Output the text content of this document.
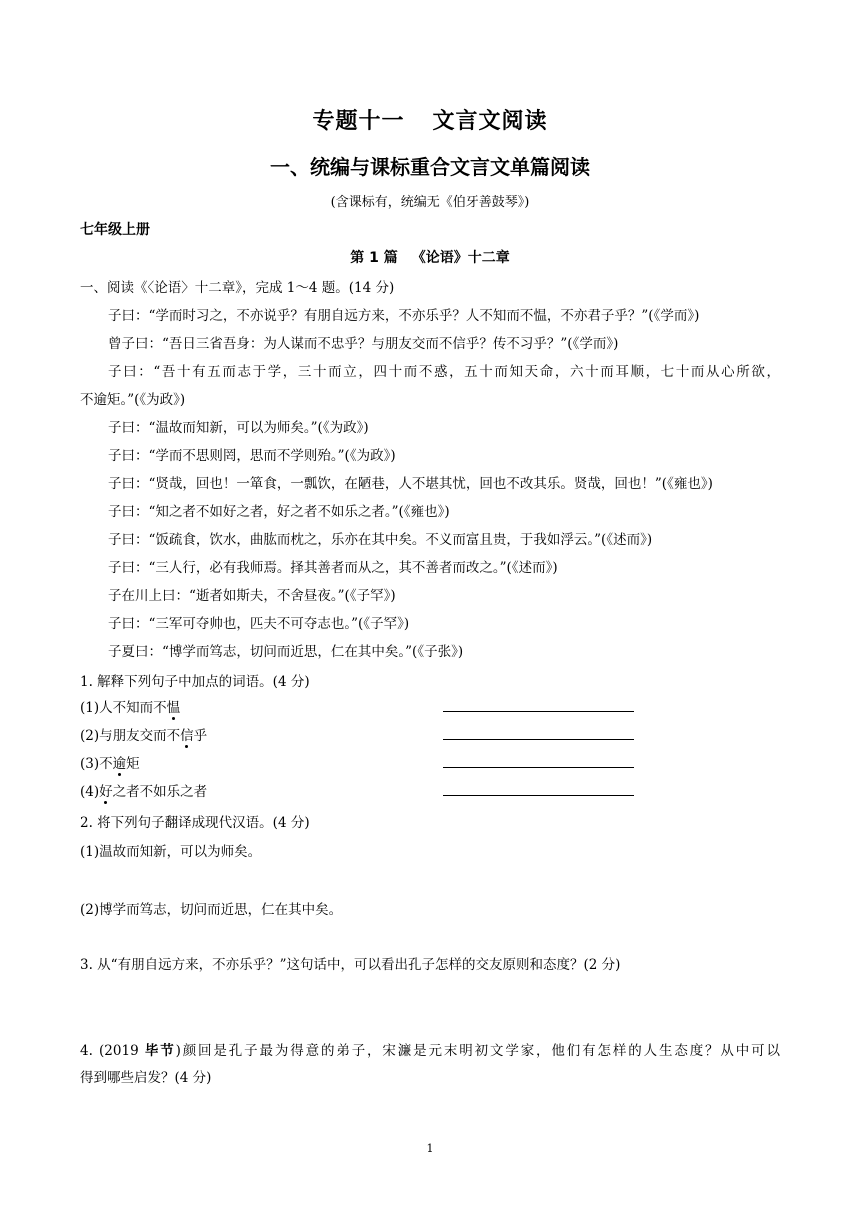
专题十一 文言文阅读
一、统编与课标重合文言文单篇阅读
(含课标有，统编无《伯牙善鼓琴》)
七年级上册
第 1 篇 《论语》十二章
一、阅读《〈论语〉十二章》，完成 1～4 题。(14 分)
子曰：“学而时习之，不亦说乎？有朋自远方来，不亦乐乎？人不知而不愠，不亦君子乎？”(《学而》)
曾子曰：“吾日三省吾身：为人谋而不忠乎？与朋友交而不信乎？传不习乎？”(《学而》)
子曰：“吾十有五而志于学，三十而立，四十而不惑，五十而知天命，六十而耳顺，七十而从心所欲，
不逾矩。”(《为政》)
子曰：“温故而知新，可以为师矣。”(《为政》)
子曰：“学而不思则罔，思而不学则殆。”(《为政》)
子曰：“贤哉，回也！一箪食，一瓢饮，在陋巷，人不堪其忧，回也不改其乐。贤哉，回也！”(《雍也》)
子曰：“知之者不如好之者，好之者不如乐之者。”(《雍也》)
子曰：“饭疏食，饮水，曲肱而枕之，乐亦在其中矣。不义而富且贵，于我如浮云。”(《述而》)
子曰：“三人行，必有我师焉。择其善者而从之，其不善者而改之。”(《述而》)
子在川上曰：“逝者如斯夫，不舍昼夜。”(《子罕》)
子曰：“三军可夺帅也，匹夫不可夺志也。”(《子罕》)
子夏曰：“博学而笃志，切问而近思，仁在其中矣。”(《子张》)
1. 解释下列句子中加点的词语。(4 分)
(1)人不知而不愠
(2)与朋友交而不信乎
(3)不逾矩
(4)好之者不如乐之者
2. 将下列句子翻译成现代汉语。(4 分)
(1)温故而知新，可以为师矣。
(2)博学而笃志，切问而近思，仁在其中矣。
3. 从“有朋自远方来，不亦乐乎？”这句话中，可以看出孔子怎样的交友原则和态度？(2 分)
4. (2019 毕节)颜回是孔子最为得意的弟子，宋濂是元末明初文学家，他们有怎样的人生态度？从中可以
得到哪些启发？(4 分)
1
